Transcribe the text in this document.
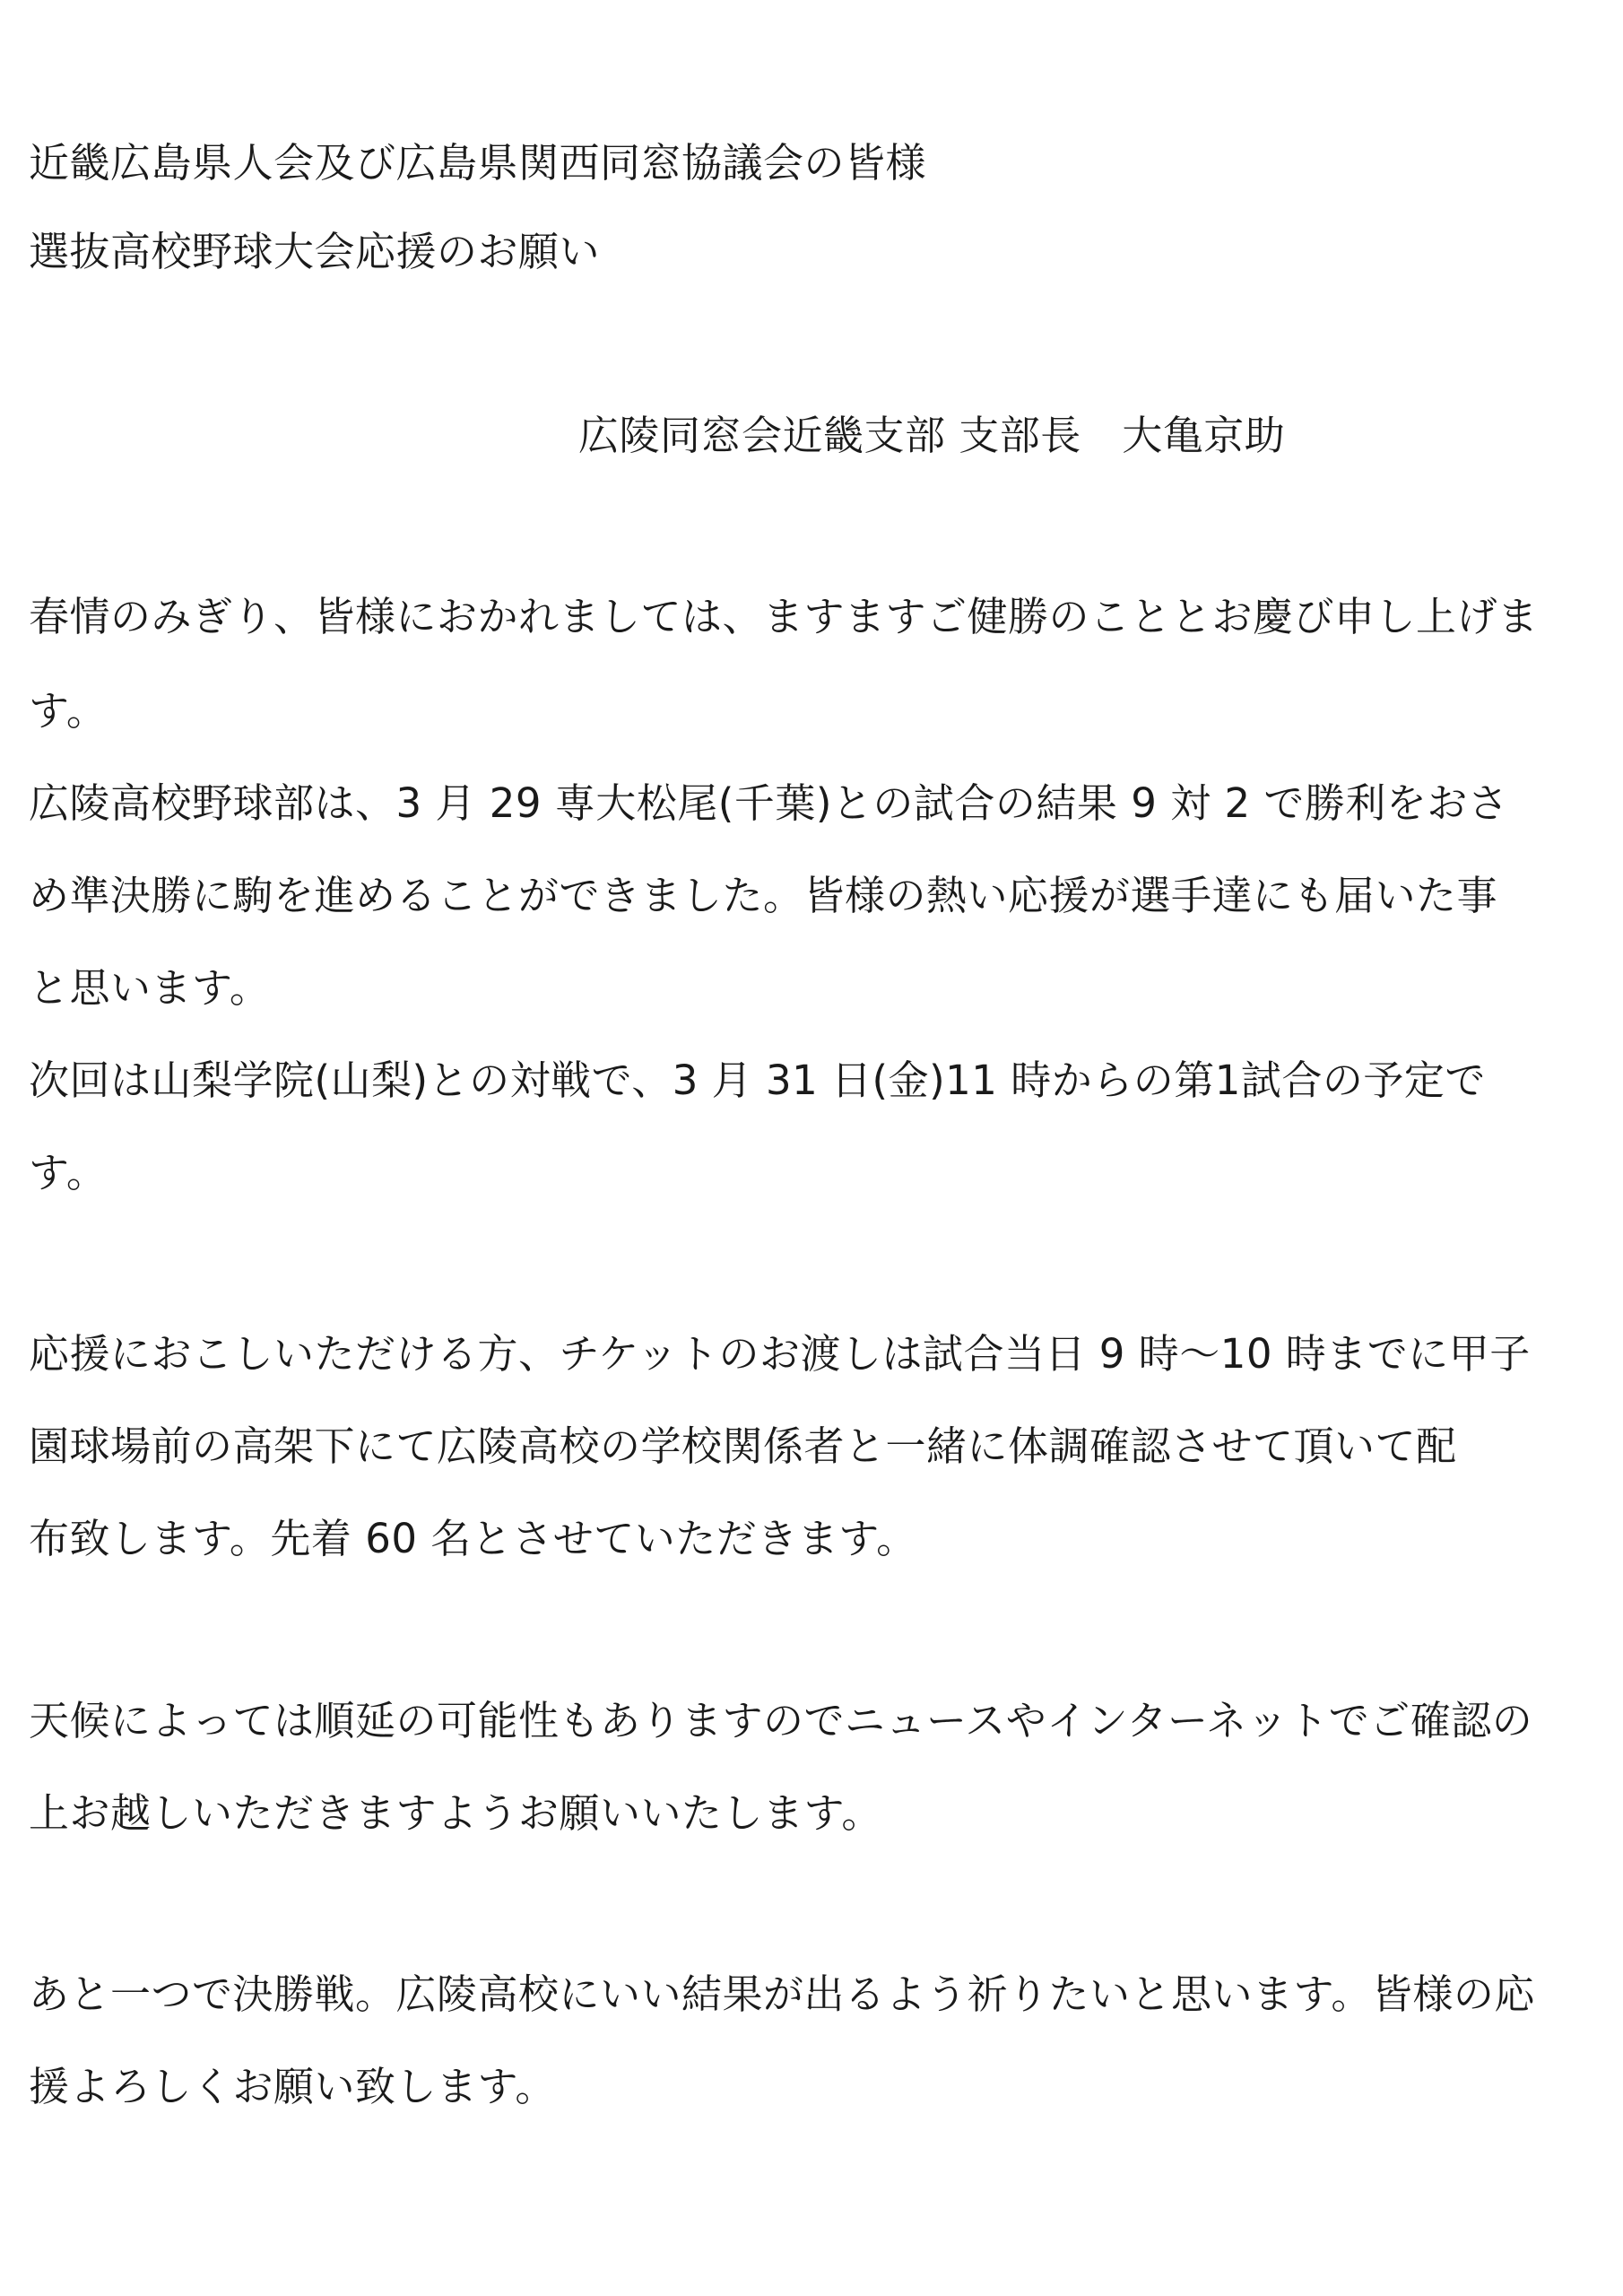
近畿広島県人会及び広島県関西同窓協議会の皆様
選抜高校野球大会応援のお願い
広陵同窓会近畿支部 支部長　大亀京助
春情のみぎり、皆様におかれましては、ますますご健勝のこととお慶び申し上げま
す。
広陵高校野球部は、3 月 29 専大松尾(千葉)との試合の結果 9 対 2 で勝利をおさ
め準決勝に駒を進めることができました。皆様の熱い応援が選手達にも届いた事
と思います。
次回は山梨学院(山梨)との対戦で、3 月 31 日(金)11 時からの第1試合の予定で
す。
応援におこしいただける方、チケットのお渡しは試合当日 9 時～10 時までに甲子
園球場前の高架下にて広陵高校の学校関係者と一緒に体調確認させて頂いて配
布致します。先着 60 名とさせていただきます。
天候によっては順延の可能性もありますのでニュースやインターネットでご確認の
上お越しいただきますようお願いいたします。
あと一つで決勝戦。広陵高校にいい結果が出るよう祈りたいと思います。皆様の応
援よろしくお願い致します。
